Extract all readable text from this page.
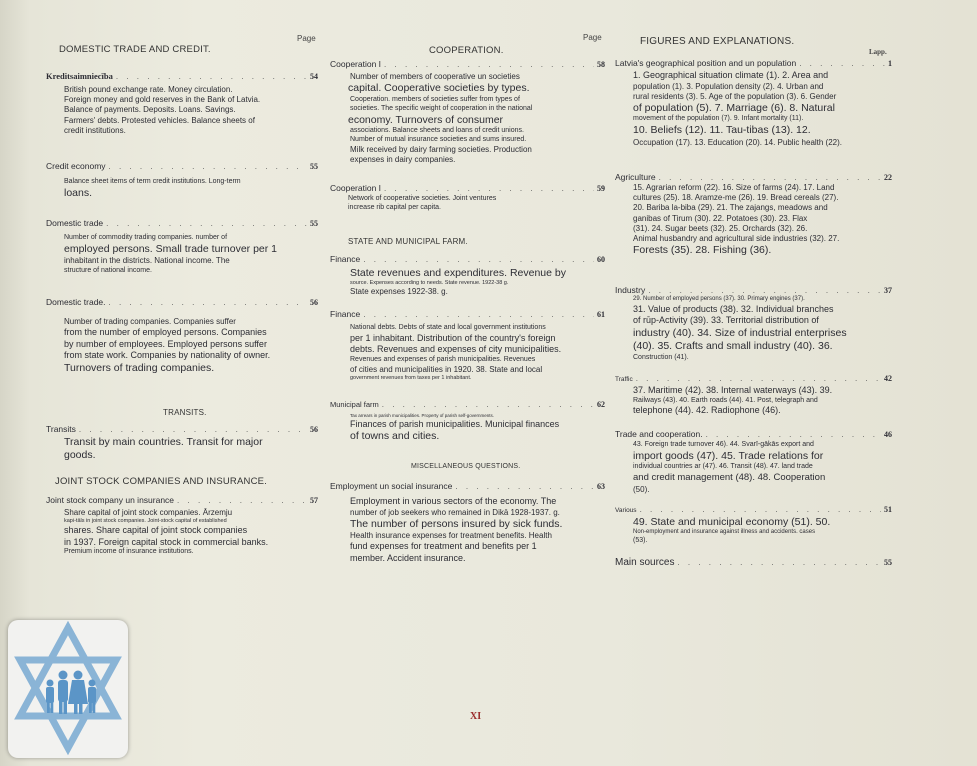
Page
DOMESTIC TRADE AND CREDIT.
Kreditsaimniecība . . .	54
British pound exchange rate. Money circulation.
Foreign money and gold reserves in the Bank of Latvia.
Balance of payments. Deposits. Loans. Savings.
Farmers' debts. Protested vehicles. Balance sheets of
credit institutions.
Credit economy . . .	55
Balance sheet items of term credit institutions. Long-term
loans.
Domestic trade . . .	55
Number of commodity trading companies. number of
employed persons. Small trade turnover per 1
inhabitant in the districts. National income. The
structure of national income.
Domestic trade. . . .	56
Number of trading companies. Companies suffer
from the number of employed persons. Companies
by number of employees. Employed persons suffer
from state work. Companies by nationality of owner.
Turnovers of trading companies.
TRANSITS.
Transits . . .	56
Transit by main countries. Transit for major
goods.
JOINT STOCK COMPANIES AND INSURANCE.
Joint stock company un insurance . . .	57
Share capital of joint stock companies. Ārzemju
kapi-tāls in joint stock companies. Joint-stock capital of established
shares. Share capital of joint stock companies
in 1937. Foreign capital stock in commercial banks.
Premium income of insurance institutions.
Page
COOPERATION.
Cooperation I . . .	58
Number of members of cooperative un societies
capital. Cooperative societies by types.
Cooperation. members of societies suffer from types of
societies. The specific weight of cooperation in the national
economy. Turnovers of consumer
associations. Balance sheets and loans of credit unions.
Number of mutual insurance societies and sums insured.
Milk received by dairy farming societies. Production
expenses in dairy companies.
Cooperation I . . .	59
Network of cooperative societies. Joint ventures
increase rib capital per capita.
STATE AND MUNICIPAL FARM.
Finance . . .	60
State revenues and expenditures. Revenue by
source. Expenses according to needs. State revenue. 1922-38 g.
State expenses 1922-38. g.
Finance . . .	61
National debts. Debts of state and local government institutions
per 1 inhabitant. Distribution of the country's foreign
debts. Revenues and expenses of city municipalities.
Revenues and expenses of parish municipalities. Revenues
of cities and municipalities in 1920. 38. State and local
government revenues from taxes per 1 inhabitant.
Municipal farm . . .	62
Tax arrears in parish municipalities. Property of parish self-governments.
Finances of parish municipalities. Municipal finances
of towns and cities.
MISCELLANEOUS QUESTIONS.
Employment un social insurance . . .	63
Employment in various sectors of the economy. The
number of job seekers who remained in Dikā 1928-1937. g.
The number of persons insured by sick funds.
Health insurance expenses for treatment benefits. Health
fund expenses for treatment and benefits per 1
member. Accident insurance.
FIGURES AND EXPLANATIONS.
Lapp.
Latvia's geographical position and un population . . .	1
1. Geographical situation climate (1). 2. Area and
population (1). 3. Population density (2). 4. Urban and
rural residents (3). 5. Age of the population (3). 6. Gender
of population (5). 7. Marriage (6). 8. Natural
movement of the population (7). 9. Infant mortality (11).
10. Beliefs (12). 11. Tau-tibas (13). 12.
Occupation (17). 13. Education (20). 14. Public health (22).
Agriculture . . .	22
15. Agrarian reform (22). 16. Size of farms (24). 17. Land
cultures (25). 18. Aramze-me (26). 19. Bread cereals (27).
20. Bariba la-biba (29). 21. The zajangs, meadows and
ganibas of Tirum (30). 22. Potatoes (30). 23. Flax
(31). 24. Sugar beets (32). 25. Orchards (32). 26.
Animal husbandry and agricultural side industries (32). 27.
Forests (35). 28. Fishing (36).
Industry . . .	37
29. Number of employed persons (37). 30. Primary engines (37).
31. Value of products (38). 32. Individual branches
of rūp-Activity (39). 33. Territorial distribution of
industry (40). 34. Size of industrial enterprises
(40). 35. Crafts and small industry (40). 36.
Construction (41).
Traffic . . .	42
37. Maritime (42). 38. Internal waterways (43). 39.
Railways (43). 40. Earth roads (44). 41. Post, telegraph and
telephone (44). 42. Radiophone (46).
Trade and cooperation. . . .	46
43. Foreign trade turnover 46). 44. Svarī-gākās export and
import goods (47). 45. Trade relations for
individual countries ar (47). 46. Transit (48). 47. land trade
and credit management (48). 48. Cooperation
(50).
Various . . .	51
49. State and municipal economy (51). 50.
Non-employment and insurance against illness and accidents. cases
(53).
Main sources . . .	55
XI
